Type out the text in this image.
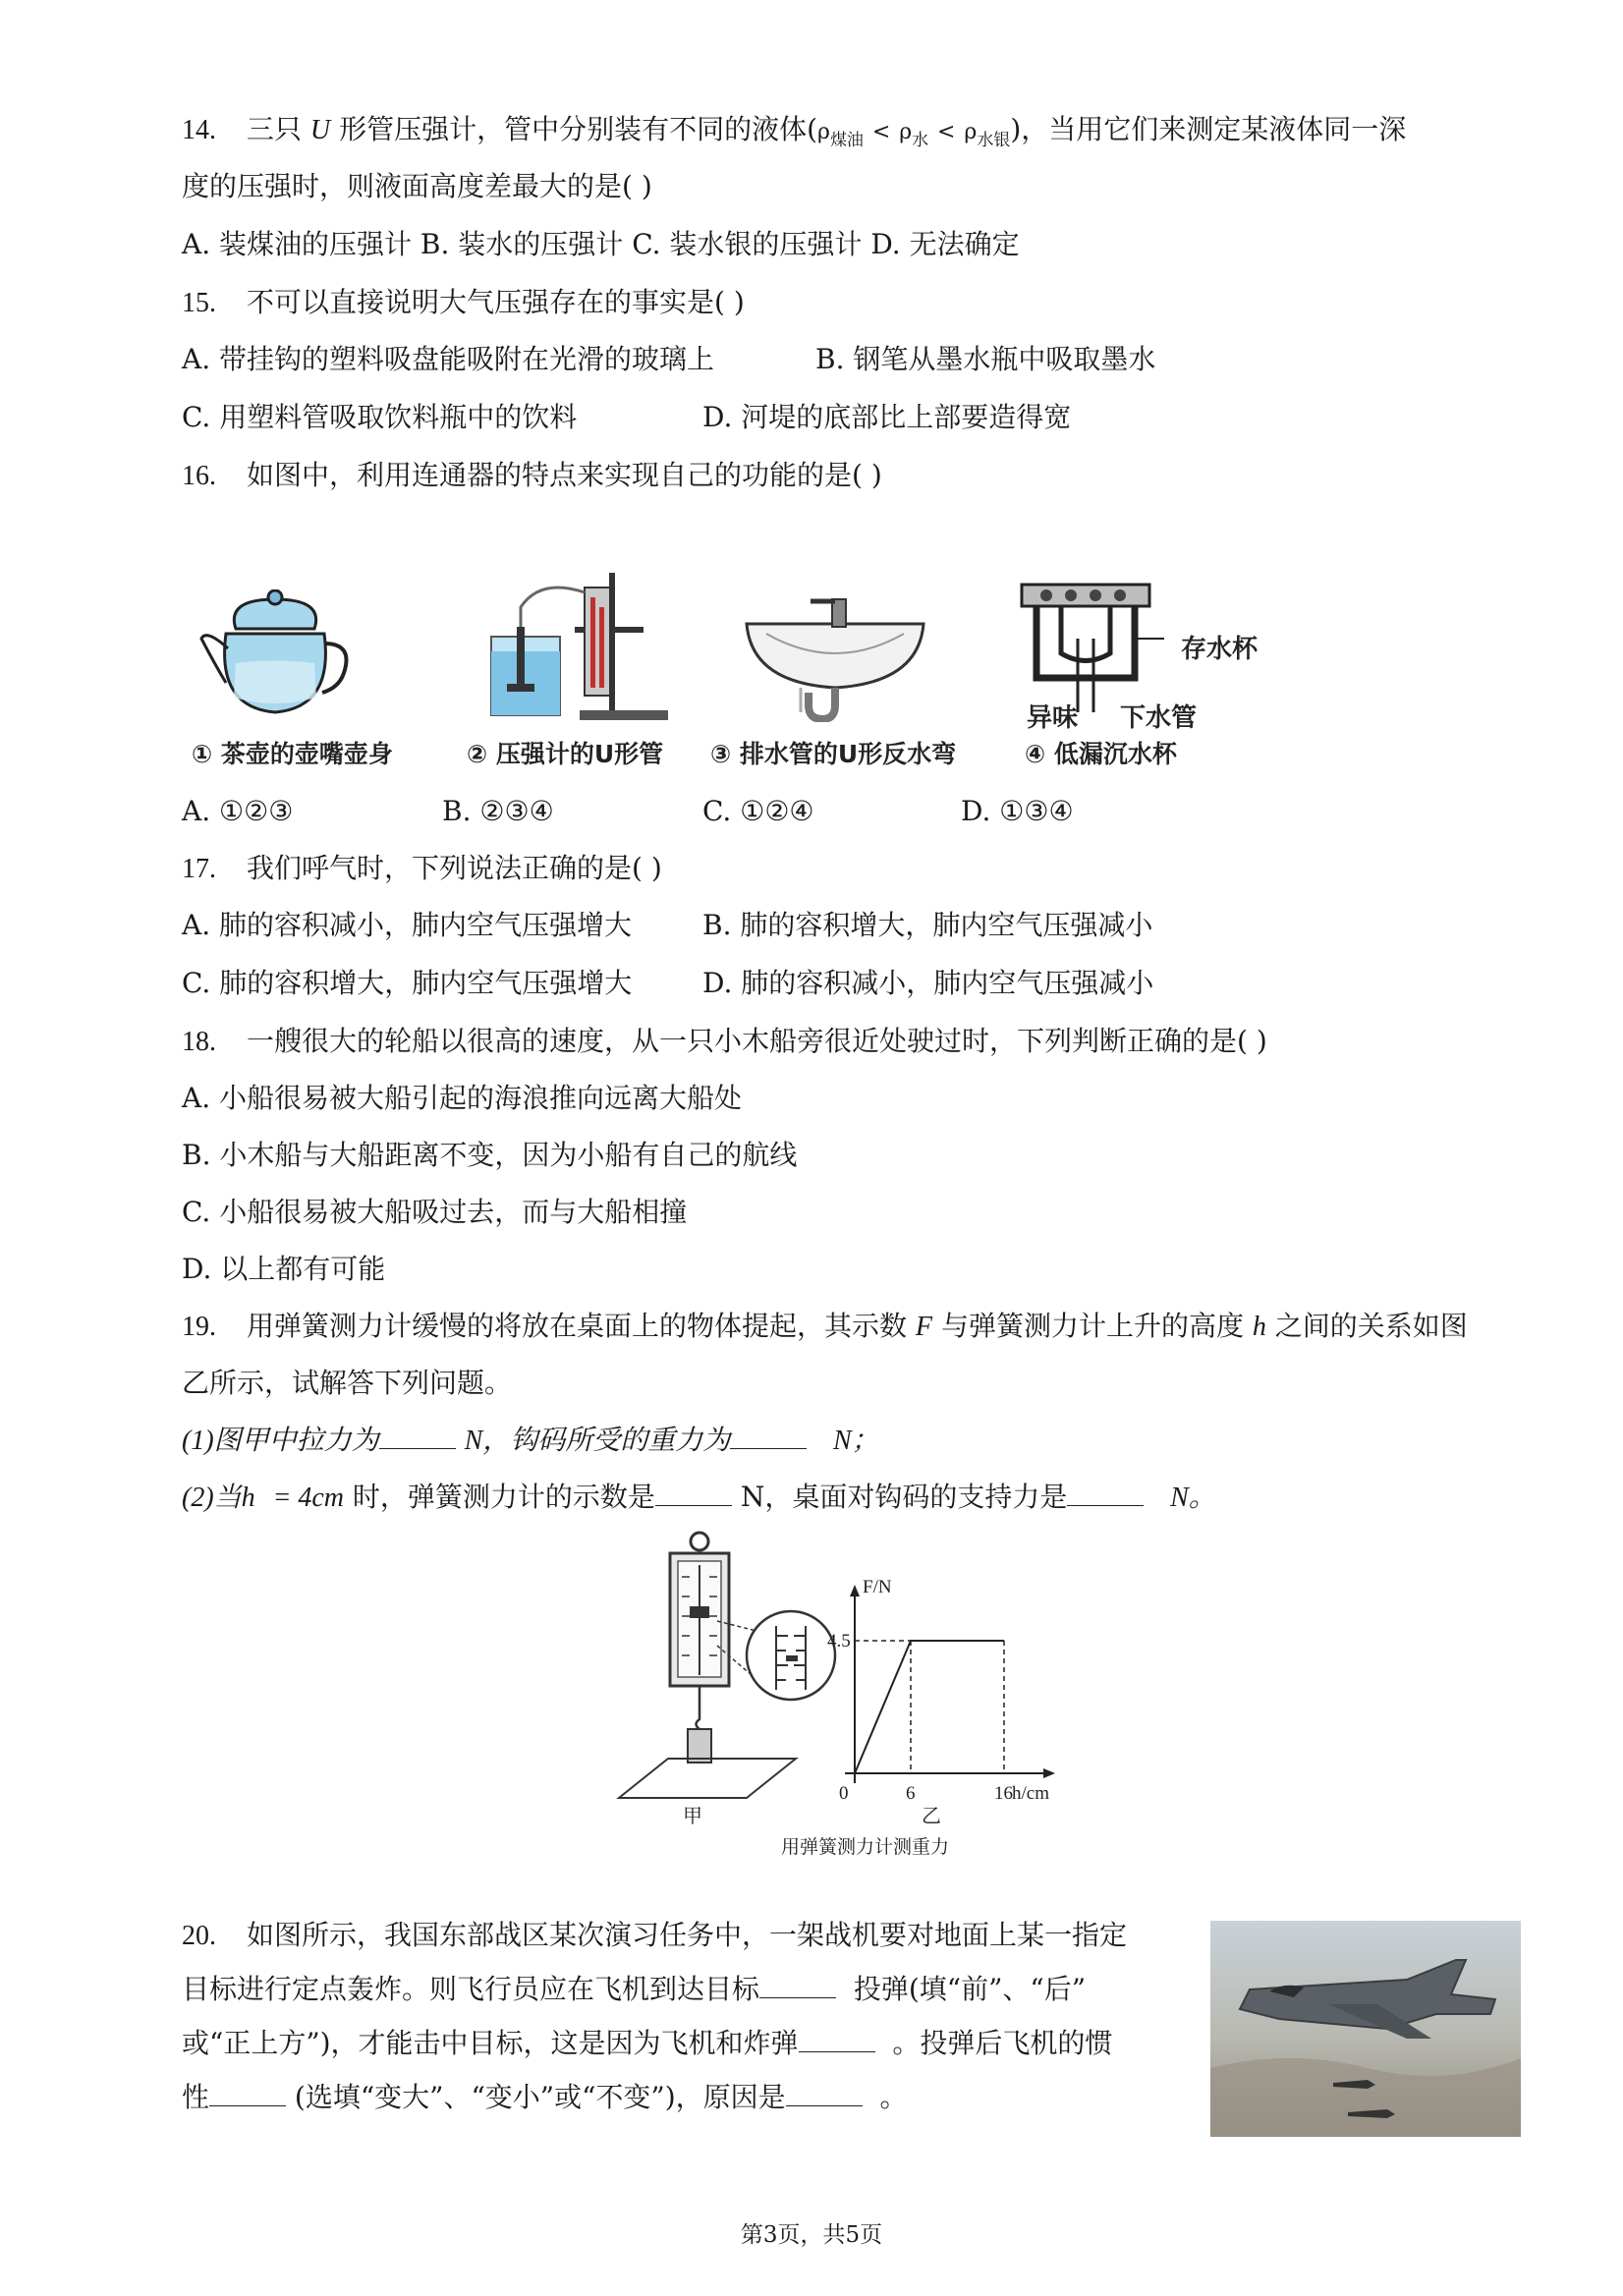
14. 三只 U 形管压强计，管中分别装有不同的液体$(\rho_{煤油} < \rho_水 < \rho_{水银})$，当用它们来测定某液体同一深
度的压强时，则液面高度差最大的是( )
A. 装煤油的压强计 B. 装水的压强计 C. 装水银的压强计 D. 无法确定
15. 不可以直接说明大气压强存在的事实是( )
A. 带挂钩的塑料吸盘能吸附在光滑的玻璃上	B. 钢笔从墨水瓶中吸取墨水
C. 用塑料管吸取饮料瓶中的饮料	D. 河堤的底部比上部要造得宽
16. 如图中，利用连通器的特点来实现自己的功能的是( )
存水杯
异味 下水管
① 茶壶的壶嘴壶身	② 压强计的U形管 ③ 排水管的U形反水弯	④ 低漏沉水杯
A. ①②③	B. ②③④	C. ①②④	D. ①③④
17. 我们呼气时，下列说法正确的是( )
A. 肺的容积减小，肺内空气压强增大	B. 肺的容积增大，肺内空气压强减小
C. 肺的容积增大，肺内空气压强增大	D. 肺的容积减小，肺内空气压强减小
18. 一艘很大的轮船以很高的速度，从一只小木船旁很近处驶过时，下列判断正确的是( )
A. 小船很易被大船引起的海浪推向远离大船处
B. 小木船与大船距离不变，因为小船有自己的航线
C. 小船很易被大船吸过去，而与大船相撞
D. 以上都有可能
19. 用弹簧测力计缓慢的将放在桌面上的物体提起，其示数 F 与弹簧测力计上升的高度 h 之间的关系如图
乙所示，试解答下列问题。
(1)图甲中拉力为	N，钩码所受的重力为	N；
(2)当h = 4cm 时，弹簧测力计的示数是	N，桌面对钩码的支持力是	N。
甲
F/N
h/cm
0	6	16
4.5
乙
用弹簧测力计测重力
20. 如图所示，我国东部战区某次演习任务中，一架战机要对地面上某一指定
目标进行定点轰炸。则飞行员应在飞机到达目标	投弹(填“前”、“后”
或“正上方”)，才能击中目标，这是因为飞机和炸弹	。投弹后飞机的惯
性	(选填“变大”、“变小”或“不变”)，原因是	。
第3页，共5页
